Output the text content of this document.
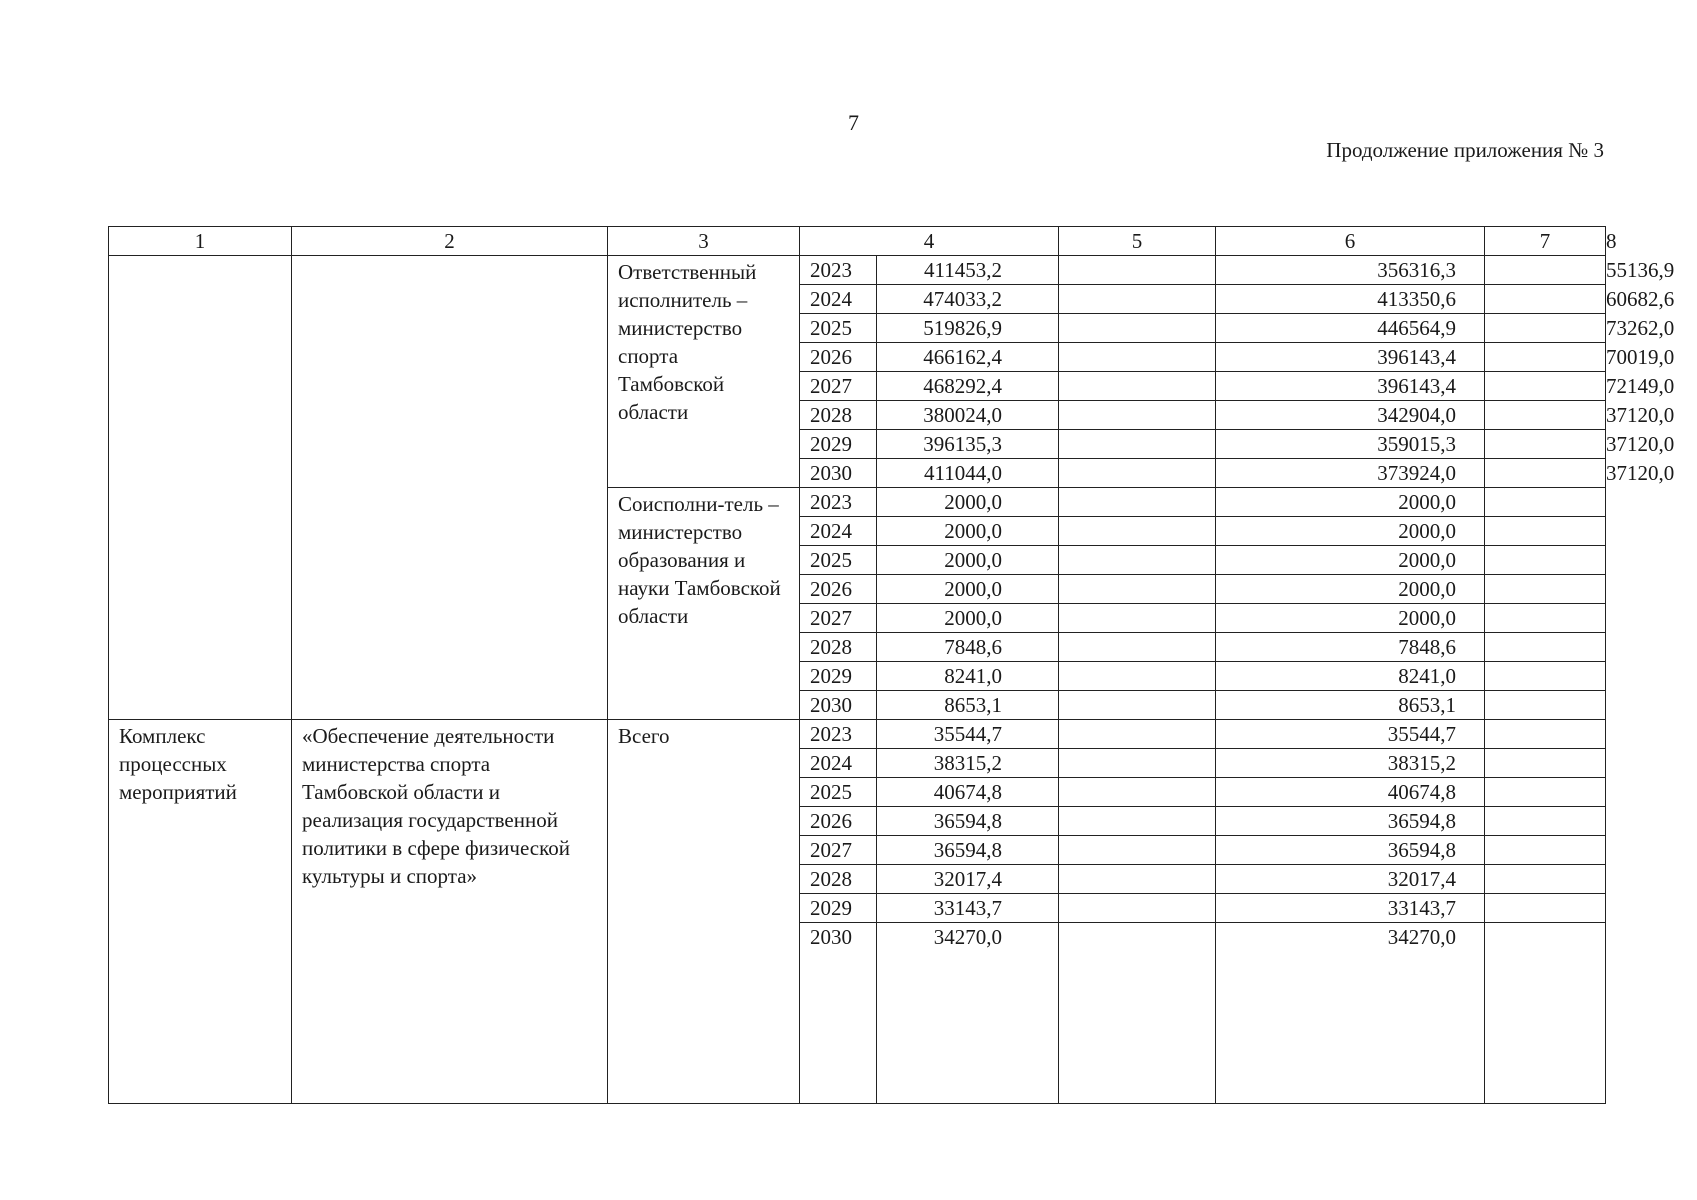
7
Продолжение приложения № 3
1	2	3	4		5	6	7	8
		Ответственный исполнитель – министерство спорта Тамбовской области	2023	411453,2		356316,3		55136,9
			2024	474033,2		413350,6		60682,6
			2025	519826,9		446564,9		73262,0
			2026	466162,4		396143,4		70019,0
			2027	468292,4		396143,4		72149,0
			2028	380024,0		342904,0		37120,0
			2029	396135,3		359015,3		37120,0
			2030	411044,0		373924,0		37120,0
		Соисполни-тель – министерство образования и науки Тамбовской области	2023	2000,0		2000,0		
			2024	2000,0		2000,0		
			2025	2000,0		2000,0		
			2026	2000,0		2000,0		
			2027	2000,0		2000,0		
			2028	7848,6		7848,6		
			2029	8241,0		8241,0		
			2030	8653,1		8653,1		
Комплекс процессных мероприятий	«Обеспечение деятельности министерства спорта Тамбовской области и реализация государственной политики в сфере физической культуры и спорта»	Всего	2023	35544,7		35544,7		
			2024	38315,2		38315,2		
			2025	40674,8		40674,8		
			2026	36594,8		36594,8		
			2027	36594,8		36594,8		
			2028	32017,4		32017,4		
			2029	33143,7		33143,7		
			2030	34270,0		34270,0		
